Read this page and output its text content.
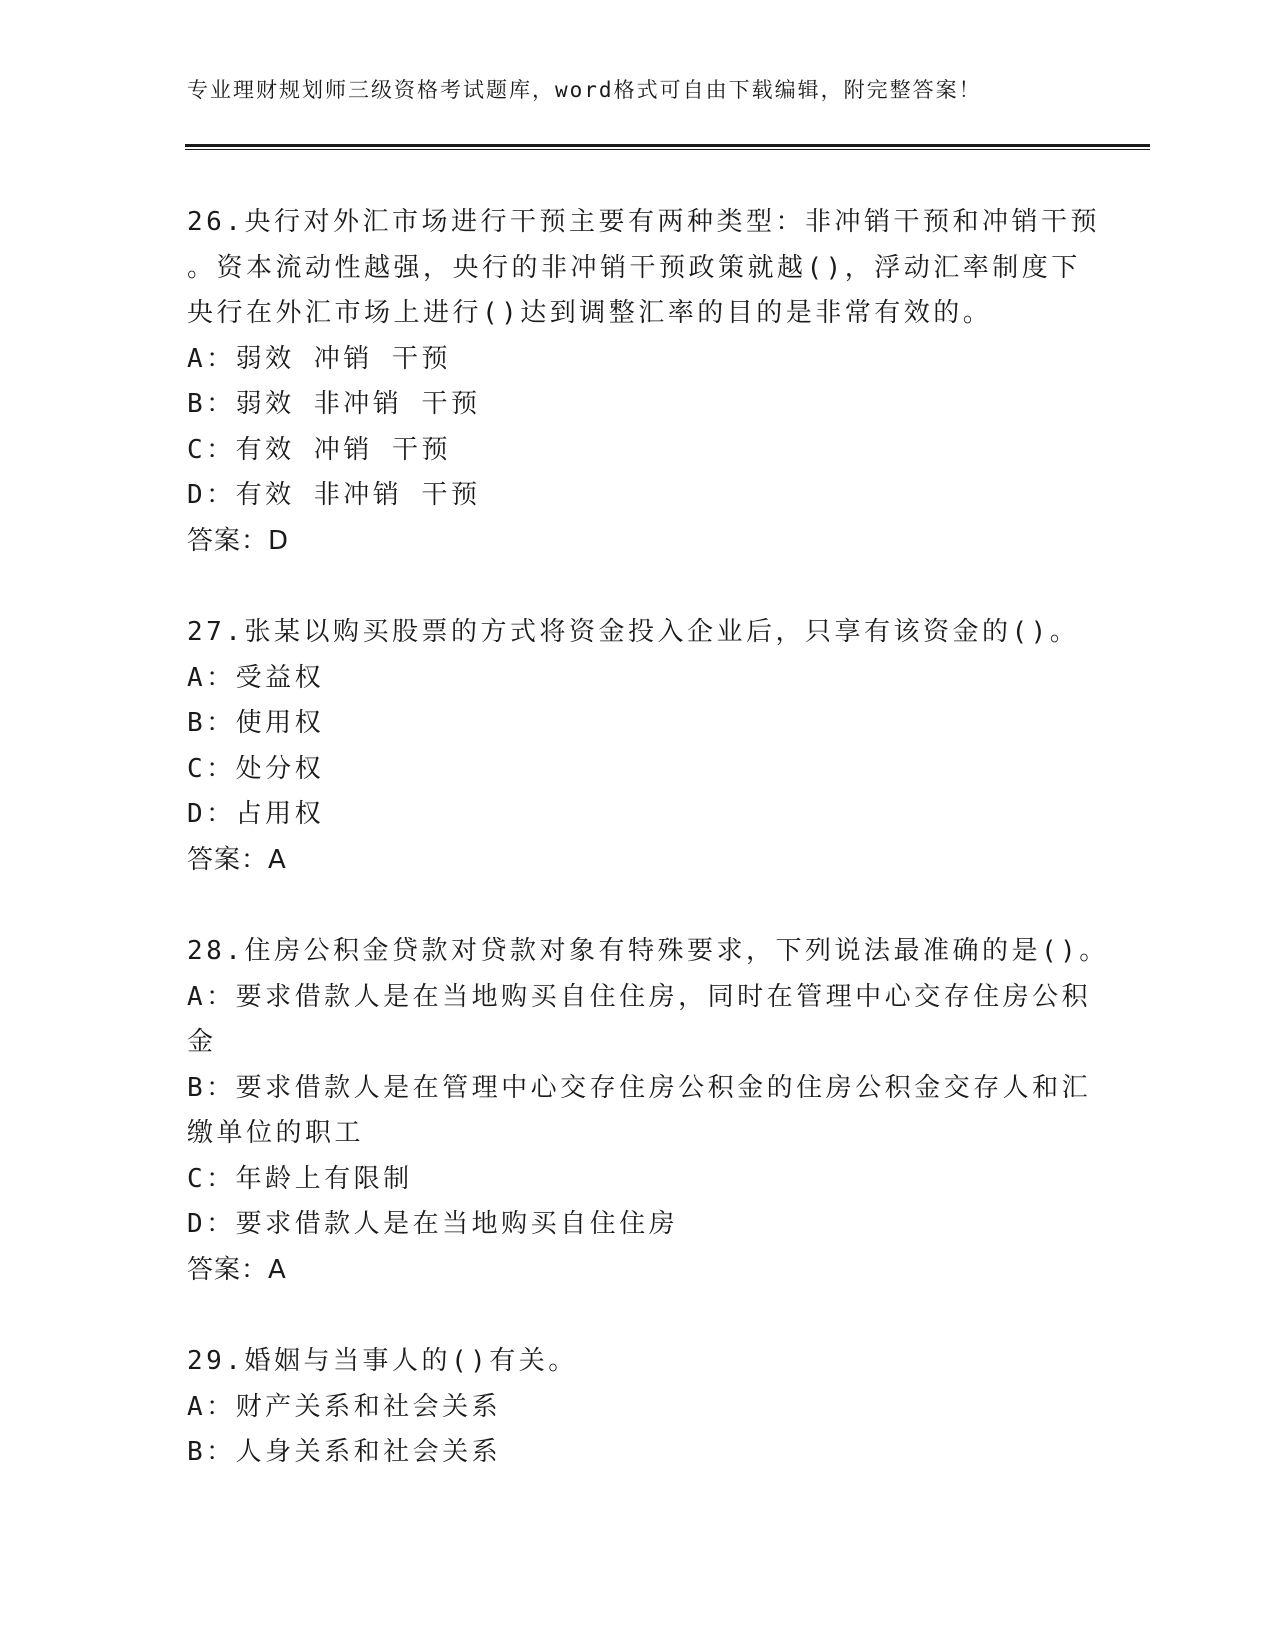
专业理财规划师三级资格考试题库，word格式可自由下载编辑，附完整答案！
26.央行对外汇市场进行干预主要有两种类型：非冲销干预和冲销干预
。资本流动性越强，央行的非冲销干预政策就越()，浮动汇率制度下
央行在外汇市场上进行()达到调整汇率的目的是非常有效的。
A：弱效 冲销 干预
B：弱效 非冲销 干预
C：有效 冲销 干预
D：有效 非冲销 干预
答案：D
27.张某以购买股票的方式将资金投入企业后，只享有该资金的()。
A：受益权
B：使用权
C：处分权
D：占用权
答案：A
28.住房公积金贷款对贷款对象有特殊要求，下列说法最准确的是()。
A：要求借款人是在当地购买自住住房，同时在管理中心交存住房公积
金
B：要求借款人是在管理中心交存住房公积金的住房公积金交存人和汇
缴单位的职工
C：年龄上有限制
D：要求借款人是在当地购买自住住房
答案：A
29.婚姻与当事人的()有关。
A：财产关系和社会关系
B：人身关系和社会关系
